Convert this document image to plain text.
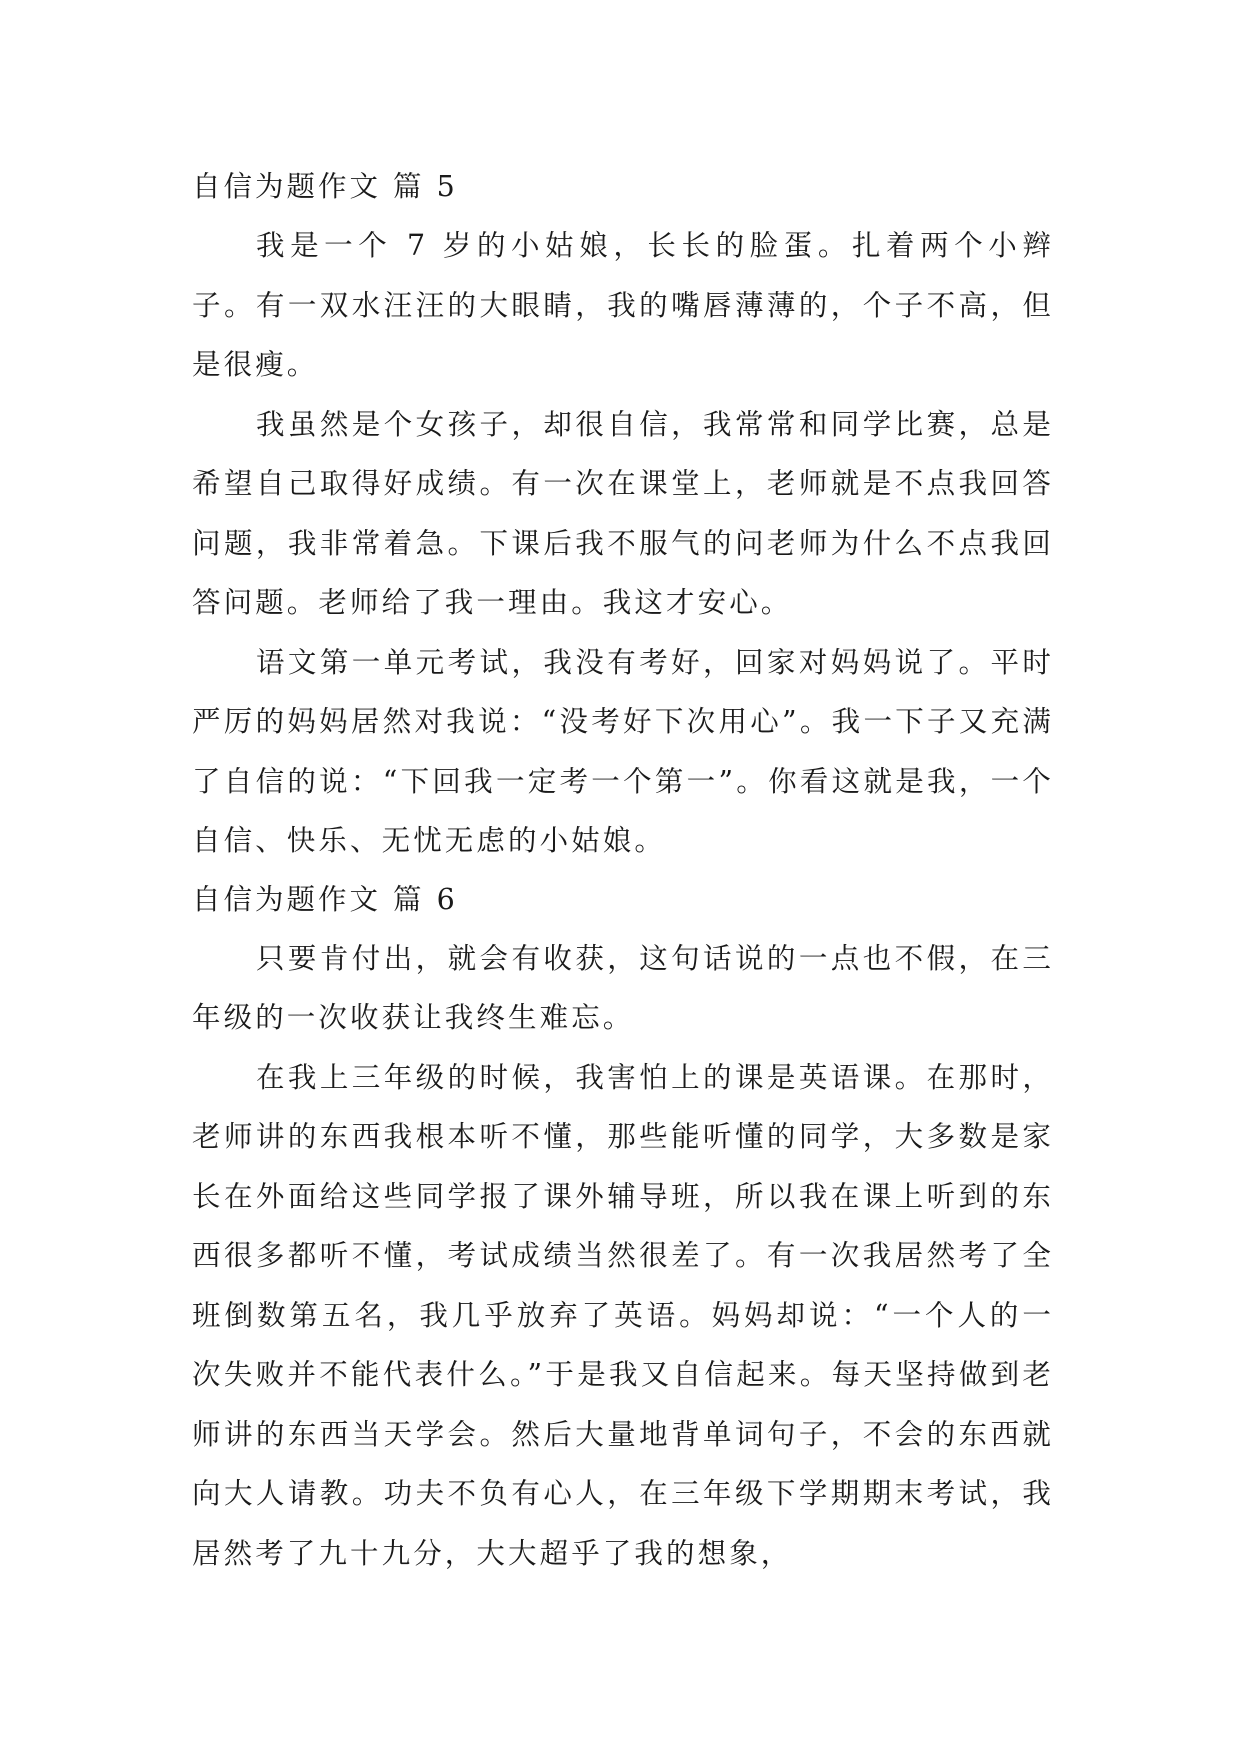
自信为题作文 篇 5

我是一个 7 岁的小姑娘，长长的脸蛋。扎着两个小辫子。有一双水汪汪的大眼睛，我的嘴唇薄薄的，个子不高，但是很瘦。

我虽然是个女孩子，却很自信，我常常和同学比赛，总是希望自己取得好成绩。有一次在课堂上，老师就是不点我回答问题，我非常着急。下课后我不服气的问老师为什么不点我回答问题。老师给了我一理由。我这才安心。

语文第一单元考试，我没有考好，回家对妈妈说了。平时严厉的妈妈居然对我说：“没考好下次用心”。我一下子又充满了自信的说：“下回我一定考一个第一”。你看这就是我，一个自信、快乐、无忧无虑的小姑娘。

自信为题作文 篇 6

只要肯付出，就会有收获，这句话说的一点也不假，在三年级的一次收获让我终生难忘。

在我上三年级的时候，我害怕上的课是英语课。在那时，老师讲的东西我根本听不懂，那些能听懂的同学，大多数是家长在外面给这些同学报了课外辅导班，所以我在课上听到的东西很多都听不懂，考试成绩当然很差了。有一次我居然考了全班倒数第五名，我几乎放弃了英语。妈妈却说：“一个人的一次失败并不能代表什么。”于是我又自信起来。每天坚持做到老师讲的东西当天学会。然后大量地背单词句子，不会的东西就向大人请教。功夫不负有心人，在三年级下学期期末考试，我居然考了九十九分，大大超乎了我的想象，
